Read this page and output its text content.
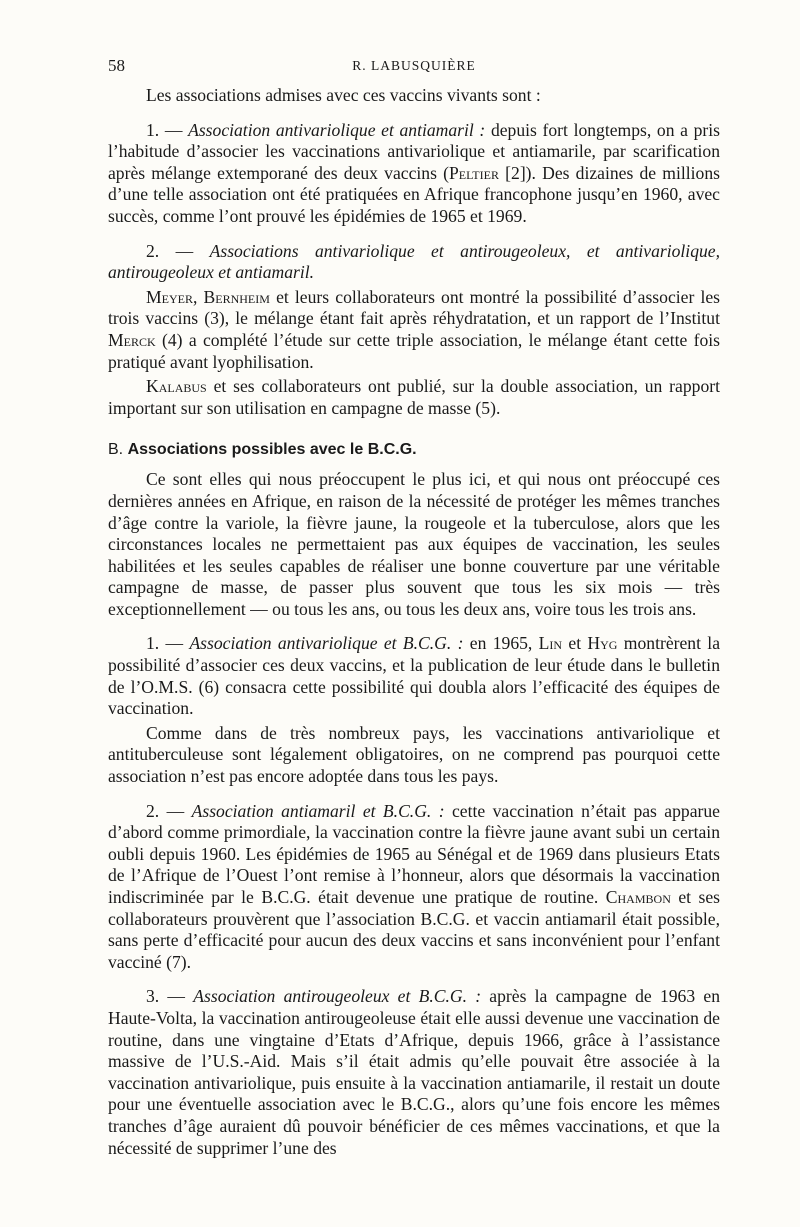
58	R. LABUSQUIÈRE

Les associations admises avec ces vaccins vivants sont :

1. — Association antivariolique et antiamaril : depuis fort longtemps, on a pris l’habitude d’associer les vaccinations antivariolique et antiamarile, par scarification après mélange extemporané des deux vaccins (Peltier [2]). Des dizaines de millions d’une telle association ont été pratiquées en Afrique francophone jusqu’en 1960, avec succès, comme l’ont prouvé les épidémies de 1965 et 1969.

2. — Associations antivariolique et antirougeoleux, et antivariolique, antirougeoleux et antiamaril.

Meyer, Bernheim et leurs collaborateurs ont montré la possibilité d’associer les trois vaccins (3), le mélange étant fait après réhydratation, et un rapport de l’Institut Merck (4) a complété l’étude sur cette triple association, le mélange étant cette fois pratiqué avant lyophilisation.

Kalabus et ses collaborateurs ont publié, sur la double association, un rapport important sur son utilisation en campagne de masse (5).

B. Associations possibles avec le B.C.G.

Ce sont elles qui nous préoccupent le plus ici, et qui nous ont préoccupé ces dernières années en Afrique, en raison de la nécessité de protéger les mêmes tranches d’âge contre la variole, la fièvre jaune, la rougeole et la tuberculose, alors que les circonstances locales ne permettaient pas aux équipes de vaccination, les seules habilitées et les seules capables de réaliser une bonne couverture par une véritable campagne de masse, de passer plus souvent que tous les six mois — très exceptionnellement — ou tous les ans, ou tous les deux ans, voire tous les trois ans.

1. — Association antivariolique et B.C.G. : en 1965, Lin et Hyg montrèrent la possibilité d’associer ces deux vaccins, et la publication de leur étude dans le bulletin de l’O.M.S. (6) consacra cette possibilité qui doubla alors l’efficacité des équipes de vaccination.

Comme dans de très nombreux pays, les vaccinations antivariolique et antituberculeuse sont légalement obligatoires, on ne comprend pas pourquoi cette association n’est pas encore adoptée dans tous les pays.

2. — Association antiamaril et B.C.G. : cette vaccination n’était pas apparue d’abord comme primordiale, la vaccination contre la fièvre jaune avant subi un certain oubli depuis 1960. Les épidémies de 1965 au Sénégal et de 1969 dans plusieurs Etats de l’Afrique de l’Ouest l’ont remise à l’honneur, alors que désormais la vaccination indiscriminée par le B.C.G. était devenue une pratique de routine. Chambon et ses collaborateurs prouvèrent que l’association B.C.G. et vaccin antiamaril était possible, sans perte d’efficacité pour aucun des deux vaccins et sans inconvénient pour l’enfant vacciné (7).

3. — Association antirougeoleux et B.C.G. : après la campagne de 1963 en Haute-Volta, la vaccination antirougeoleuse était elle aussi devenue une vaccination de routine, dans une vingtaine d’Etats d’Afrique, depuis 1966, grâce à l’assistance massive de l’U.S.-Aid. Mais s’il était admis qu’elle pouvait être associée à la vaccination antivariolique, puis ensuite à la vaccination antiamarile, il restait un doute pour une éventuelle association avec le B.C.G., alors qu’une fois encore les mêmes tranches d’âge auraient dû pouvoir bénéficier de ces mêmes vaccinations, et que la nécessité de supprimer l’une des
